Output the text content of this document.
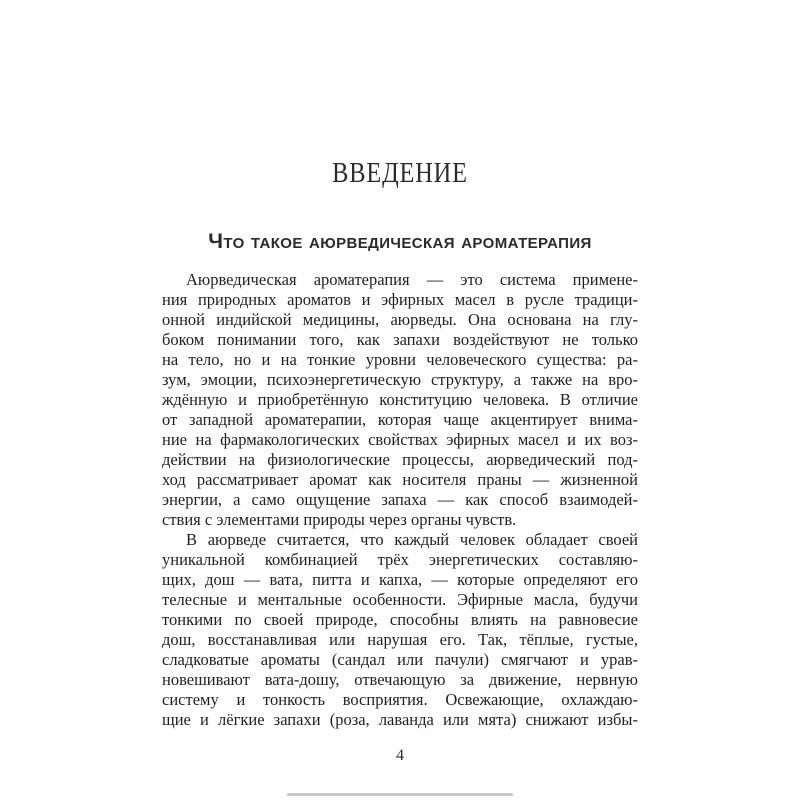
ВВЕДЕНИЕ
Что такое аюрведическая ароматерапия
Аюрведическая ароматерапия — это система примене-
ния природных ароматов и эфирных масел в русле традици-
онной индийской медицины, аюрведы. Она основана на глу-
боком понимании того, как запахи воздействуют не только
на тело, но и на тонкие уровни человеческого существа: ра-
зум, эмоции, психоэнергетическую структуру, а также на вро-
ждённую и приобретённую конституцию человека. В отличие
от западной ароматерапии, которая чаще акцентирует внима-
ние на фармакологических свойствах эфирных масел и их воз-
действии на физиологические процессы, аюрведический под-
ход рассматривает аромат как носителя праны — жизненной
энергии, а само ощущение запаха — как способ взаимодей-
ствия с элементами природы через органы чувств.
В аюрведе считается, что каждый человек обладает своей
уникальной комбинацией трёх энергетических составляю-
щих, дош — вата, питта и капха, — которые определяют его
телесные и ментальные особенности. Эфирные масла, будучи
тонкими по своей природе, способны влиять на равновесие
дош, восстанавливая или нарушая его. Так, тёплые, густые,
сладковатые ароматы (сандал или пачули) смягчают и урав-
новешивают вата-дошу, отвечающую за движение, нервную
систему и тонкость восприятия. Освежающие, охлаждаю-
щие и лёгкие запахи (роза, лаванда или мята) снижают избы-
4
